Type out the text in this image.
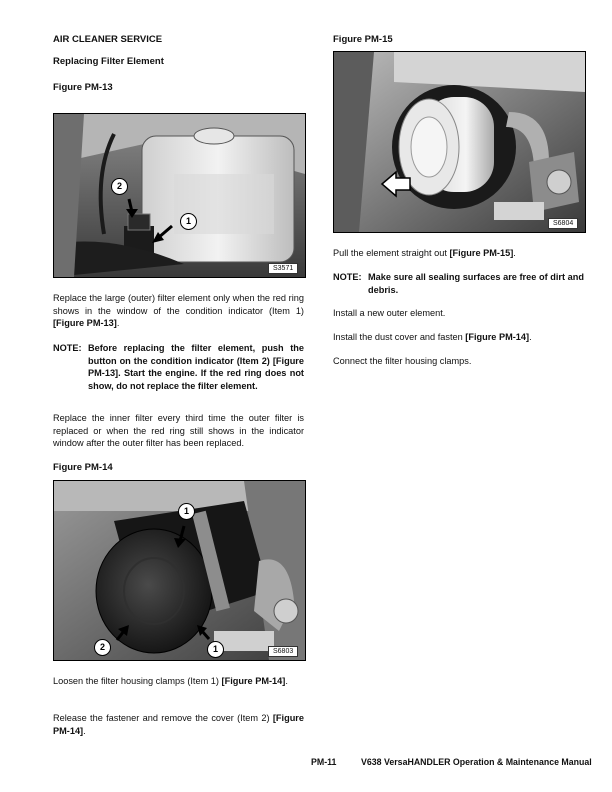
AIR CLEANER SERVICE
Replacing Filter Element
Figure PM-13
2
1
S3571
Replace the large (outer) filter element only when the red ring shows in the window of the condition indicator (Item 1) [Figure PM-13].
NOTE: Before replacing the filter element, push the button on the condition indicator (Item 2) [Figure PM-13]. Start the engine. If the red ring does not show, do not replace the filter element.
Replace the inner filter every third time the outer filter is replaced or when the red ring still shows in the indicator window after the outer filter has been replaced.
Figure PM-14
1
2	1	S6803
Loosen the filter housing clamps (Item 1) [Figure PM-14].
Release the fastener and remove the cover (Item 2) [Figure PM-14].
Figure PM-15
S6804
Pull the element straight out [Figure PM-15].
NOTE: Make sure all sealing surfaces are free of dirt and debris.
Install a new outer element.
Install the dust cover and fasten [Figure PM-14].
Connect the filter housing clamps.
PM-11	V638 VersaHANDLER Operation & Maintenance Manual
